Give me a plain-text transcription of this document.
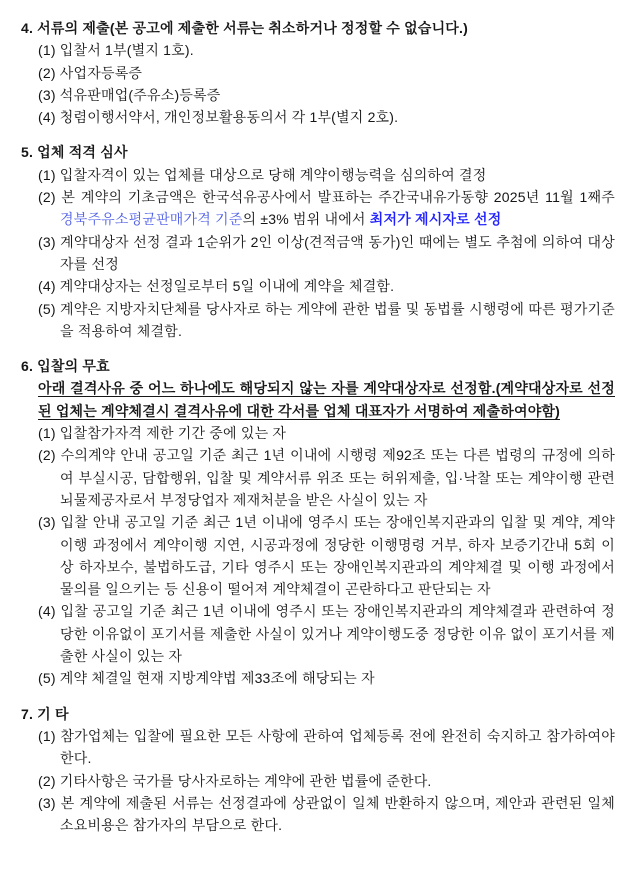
4. 서류의 제출(본 공고에 제출한 서류는 취소하거나 정정할 수 없습니다.)

(1) 입찰서 1부(별지 1호).

(2) 사업자등록증

(3) 석유판매업(주유소)등록증

(4) 청렴이행서약서, 개인정보활용동의서 각 1부(별지 2호).

5. 업체 적격 심사

(1) 입찰자격이 있는 업체를 대상으로 당해 계약이행능력을 심의하여 결정

(2) 본 계약의 기초금액은 한국석유공사에서 발표하는 주간국내유가동향 2025년 11월 1째주 경북주유소평균판매가격 기준의 ±3% 범위 내에서 최저가 제시자로 선정

(3) 계약대상자 선정 결과 1순위가 2인 이상(견적금액 동가)인 때에는 별도 추첨에 의하여 대상자를 선정

(4) 계약대상자는 선정일로부터 5일 이내에 계약을 체결함.

(5) 계약은 지방자치단체를 당사자로 하는 게약에 관한 법률 및 동법률 시행령에 따른 평가기준을 적용하여 체결함.

6. 입찰의 무효

아래 결격사유 중 어느 하나에도 해당되지 않는 자를 계약대상자로 선정함.(계약대상자로 선정된 업체는 계약체결시 결격사유에 대한 각서를 업체 대표자가 서명하여 제출하여야함)

(1) 입찰참가자격 제한 기간 중에 있는 자

(2) 수의계약 안내 공고일 기준 최근 1년 이내에 시행령 제92조 또는 다른 법령의 규정에 의하여 부실시공, 담합행위, 입찰 및 계약서류 위조 또는 허위제출, 입·낙찰 또는 계약이행 관련 뇌물제공자로서 부정당업자 제재처분을 받은 사실이 있는 자

(3) 입찰 안내 공고일 기준 최근 1년 이내에 영주시 또는 장애인복지관과의 입찰 및 계약, 계약이행 과정에서 계약이행 지연, 시공과정에 정당한 이행명령 거부, 하자 보증기간내 5회 이상 하자보수, 불법하도급, 기타 영주시 또는 장애인복지관과의 계약체결 및 이행 과정에서 물의를 일으키는 등 신용이 떨어져 계약체결이 곤란하다고 판단되는 자

(4) 입찰 공고일 기준 최근 1년 이내에 영주시 또는 장애인복지관과의 계약체결과 관련하여 정당한 이유없이 포기서를 제출한 사실이 있거나 계약이행도중 정당한 이유 없이 포기서를 제출한 사실이 있는 자

(5) 계약 체결일 현재 지방계약법 제33조에 해당되는 자

7. 기 타

(1) 참가업체는 입찰에 필요한 모든 사항에 관하여 업체등록 전에 완전히 숙지하고 참가하여야 한다.

(2) 기타사항은 국가를 당사자로하는 계약에 관한 법률에 준한다.

(3) 본 계약에 제출된 서류는 선정결과에 상관없이 일체 반환하지 않으며, 제안과 관련된 일체 소요비용은 참가자의 부담으로 한다.
